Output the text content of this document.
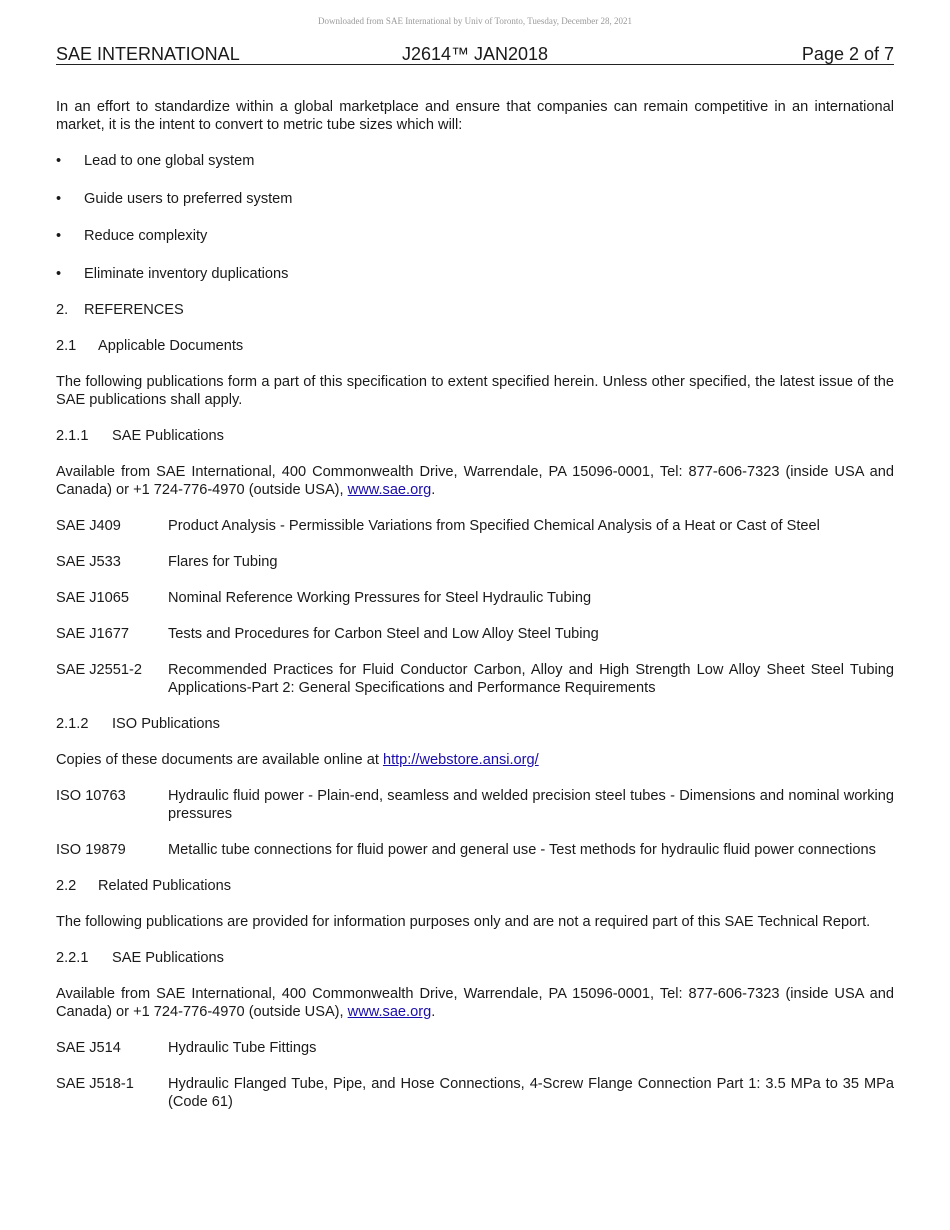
Downloaded from SAE International by Univ of Toronto, Tuesday, December 28, 2021
J2614™ JAN2018
SAE INTERNATIONAL	Page 2 of 7

In an effort to standardize within a global marketplace and ensure that companies can remain competitive in an international market, it is the intent to convert to metric tube sizes which will:

• Lead to one global system
• Guide users to preferred system
• Reduce complexity
• Eliminate inventory duplications

2. REFERENCES

2.1 Applicable Documents

The following publications form a part of this specification to extent specified herein. Unless other specified, the latest issue of the SAE publications shall apply.

2.1.1 SAE Publications

Available from SAE International, 400 Commonwealth Drive, Warrendale, PA 15096-0001, Tel: 877-606-7323 (inside USA and Canada) or +1 724-776-4970 (outside USA), www.sae.org.

SAE J409	Product Analysis - Permissible Variations from Specified Chemical Analysis of a Heat or Cast of Steel
SAE J533	Flares for Tubing
SAE J1065	Nominal Reference Working Pressures for Steel Hydraulic Tubing
SAE J1677	Tests and Procedures for Carbon Steel and Low Alloy Steel Tubing
SAE J2551-2	Recommended Practices for Fluid Conductor Carbon, Alloy and High Strength Low Alloy Sheet Steel Tubing Applications-Part 2: General Specifications and Performance Requirements

2.1.2 ISO Publications

Copies of these documents are available online at http://webstore.ansi.org/

ISO 10763	Hydraulic fluid power - Plain-end, seamless and welded precision steel tubes - Dimensions and nominal working pressures
ISO 19879	Metallic tube connections for fluid power and general use - Test methods for hydraulic fluid power connections

2.2 Related Publications

The following publications are provided for information purposes only and are not a required part of this SAE Technical Report.

2.2.1 SAE Publications

Available from SAE International, 400 Commonwealth Drive, Warrendale, PA 15096-0001, Tel: 877-606-7323 (inside USA and Canada) or +1 724-776-4970 (outside USA), www.sae.org.

SAE J514	Hydraulic Tube Fittings
SAE J518-1	Hydraulic Flanged Tube, Pipe, and Hose Connections, 4-Screw Flange Connection Part 1: 3.5 MPa to 35 MPa (Code 61)
